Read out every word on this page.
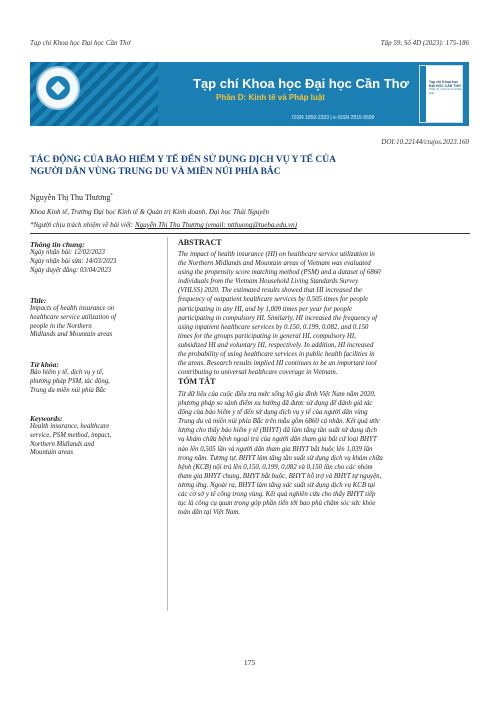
Tạp chí Khoa học Đại học Cần Thơ	Tập 59, Số 4D (2023): 175-186
Tạp chí Khoa học Đại học Cần Thơ
Phần D: Kinh tế và Pháp luật
ISSN 1859-2333 | e-ISSN 2815-5599
Tạp chí Khoa học ĐẠI HỌC CẦN THƠ
Phần D: Kinh tế và Pháp luật
DOI:10.22144/ctujos.2023.160
TÁC ĐỘNG CỦA BẢO HIỂM Y TẾ ĐẾN SỬ DỤNG DỊCH VỤ Y TẾ CỦA
NGƯỜI DÂN VÙNG TRUNG DU VÀ MIỀN NÚI PHÍA BẮC
Nguyễn Thị Thu Thương*
Khoa Kinh tế, Trường Đại học Kinh tế & Quản trị Kinh doanh, Đại học Thái Nguyên
*Người chịu trách nhiệm về bài viết: Nguyễn Thị Thu Thương (email: ntthuong@tueba.edu.vn)

Thông tin chung:

Ngày nhận bài: 12/02/2023

Ngày nhận bài sửa: 14/03/2023

Ngày duyệt đăng: 03/04/2023

Title:

Impacts of health insurance on

healthcare service utilization of

people in the Northern

Midlands and Mountain areas

Từ khóa:

Bảo hiểm y tế, dịch vụ y tế,

phương pháp PSM, tác động,

Trung du miền núi phía Bắc

Keywords:

Health insurance, healthcare

service, PSM method, impact,

Northern Midlands and

Mountain areas

ABSTRACT

The impact of health insurance (HI) on healthcare service utilization in

the Northern Midlands and Mountain areas of Vietnam was evaluated

using the propensity score matching method (PSM) and a dataset of 6860

individuals from the Vietnam Household Living Standards Survey

(VHLSS) 2020. The estimated results showed that HI increased the

frequency of outpatient healthcare services by 0.505 times for people

participating in any HI, and by 1,009 times per year for people

participating in compulsory HI. Similarly, HI increased the frequency of

using inpatient healthcare services by 0.150, 0.199, 0.082, and 0.150

times for the groups participating in general HI, compulsory HI,

subsidized HI and voluntary HI, respectively. In addition, HI increased

the probability of using healthcare services in public health facilities in

the areas. Research results implied HI continues to be an important tool

contributing to universal healthcare coverage in Vietnam.

TÓM TẮT

Từ dữ liệu của cuộc điều tra mức sống hộ gia đình Việt Nam năm 2020,

phương pháp so sánh điểm xu hướng đã được sử dụng để đánh giá tác

động của bảo hiểm y tế đến sử dụng dịch vụ y tế của người dân vùng

Trung du và miền núi phía Bắc trên mẫu gồm 6860 cá nhân. Kết quả ước

lượng cho thấy bảo hiểm y tế (BHYT) đã làm tăng tần suất sử dụng dịch

vụ khám chữa bệnh ngoại trú của người dân tham gia bất cứ loại BHYT

nào lên 0,505 lần và người dân tham gia BHYT bắt buộc lên 1,039 lần

trong năm. Tương tự, BHYT làm tăng tần suất sử dụng dịch vụ khám chữa

bệnh (KCB) nội trú lên 0,150, 0,199, 0,082 và 0,150 lần cho các nhóm

tham gia BHYT chung, BHYT bắt buộc, BHYT hỗ trợ và BHYT tự nguyện,

tương ứng. Ngoài ra, BHYT làm tăng xác suất sử dụng dịch vụ KCB tại

các cơ sở y tế công trong vùng. Kết quả nghiên cứu cho thấy BHYT tiếp

tục là công cụ quan trọng góp phần tiến tới bao phủ chăm sóc sức khỏe

toàn dân tại Việt Nam.

175
